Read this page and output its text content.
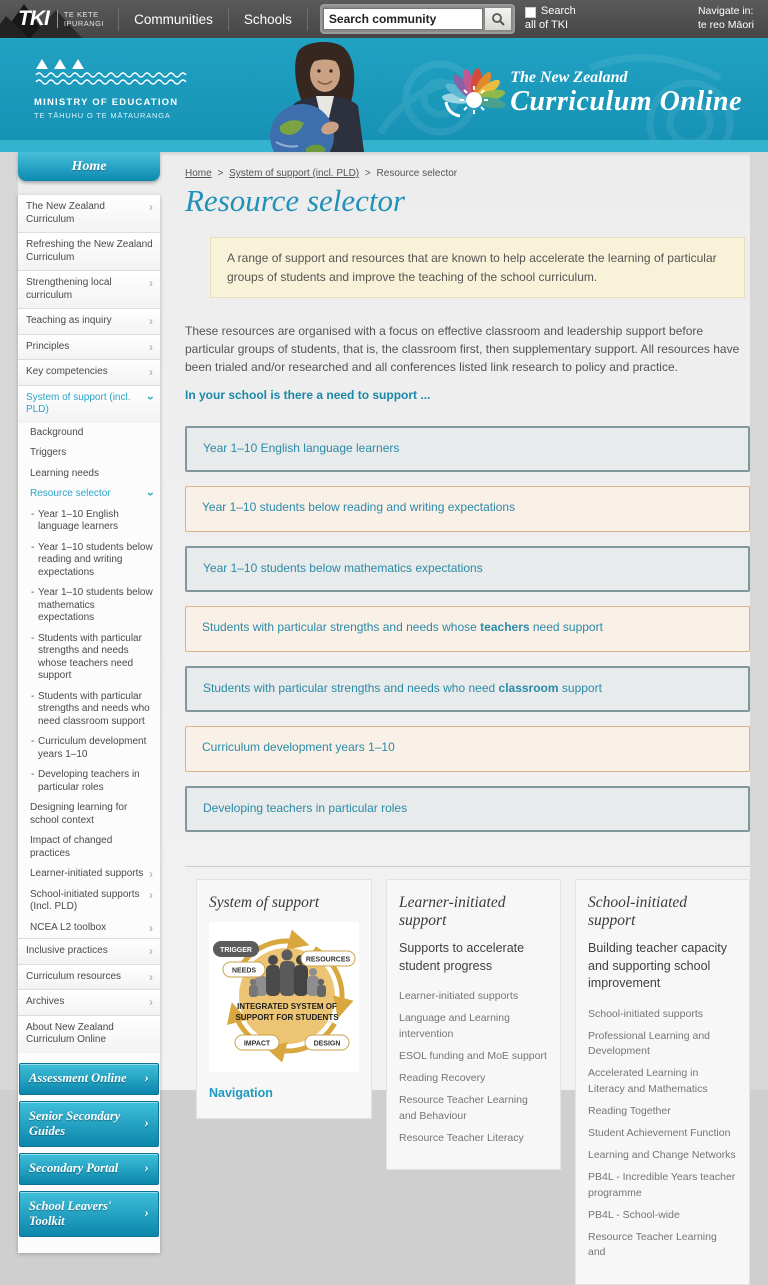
TKI	TE KETE
IPURANGI	Communities	Schools
Search community
Search
all of TKI
Navigate in:
te reo Māori
MINISTRY OF EDUCATION
TE TĀHUHU O TE MĀTAURANGA
The New Zealand
Curriculum Online
Home
The New Zealand Curriculum
›
Refreshing the New Zealand Curriculum
Strengthening local curriculum
›
Teaching as inquiry	›
Principles	›
Key competencies	›
System of support (incl. PLD)
›
Background
Triggers
Learning needs
Resource selector	›
- Year 1–10 English language learners
- Year 1–10 students below reading and writing expectations
- Year 1–10 students below mathematics expectations
- Students with particular strengths and needs whose teachers need support
- Students with particular strengths and needs who need classroom support
- Curriculum development years 1–10
- Developing teachers in particular roles
Designing learning for school context
Impact of changed practices
Learner-initiated supports ›
School-initiated supports (Incl. PLD)
›
NCEA L2 toolbox	›
Inclusive practices	›
Curriculum resources	›
Archives	›
About New Zealand Curriculum Online
Assessment Online ›
Senior Secondary Guides	›
Secondary Portal ›
School Leavers' Toolkit	›
Home > System of support (incl. PLD) > Resource selector
Resource selector
A range of support and resources that are known to help accelerate the learning of particular groups of students and improve the teaching of the school curriculum.

These resources are organised with a focus on effective classroom and leadership support before particular groups of students, that is, the classroom first, then supplementary support. All resources have been trialed and/or researched and all conferences listed link research to policy and practice.

In your school is there a need to support ...
Year 1–10 English language learners
Year 1–10 students below reading and writing expectations
Year 1–10 students below mathematics expectations
Students with particular strengths and needs whose teachers need support
Students with particular strengths and needs who need classroom support
Curriculum development years 1–10
Developing teachers in particular roles
System of support
INTEGRATED SYSTEM OF
SUPPORT FOR STUDENTS
TRIGGER
NEEDS
RESOURCES
IMPACT	DESIGN
Navigation
Learner-initiated support

Supports to accelerate student progress

Learner-initiated supports
Language and Learning intervention
ESOL funding and MoE support
Reading Recovery
Resource Teacher Learning and Behaviour
Resource Teacher Literacy
School-initiated support

Building teacher capacity and supporting school improvement

School-initiated supports
Professional Learning and Development
Accelerated Learning in Literacy and Mathematics
Reading Together
Student Achievement Function
Learning and Change Networks
PB4L - Incredible Years teacher programme
PB4L - School-wide
Resource Teacher Learning and
